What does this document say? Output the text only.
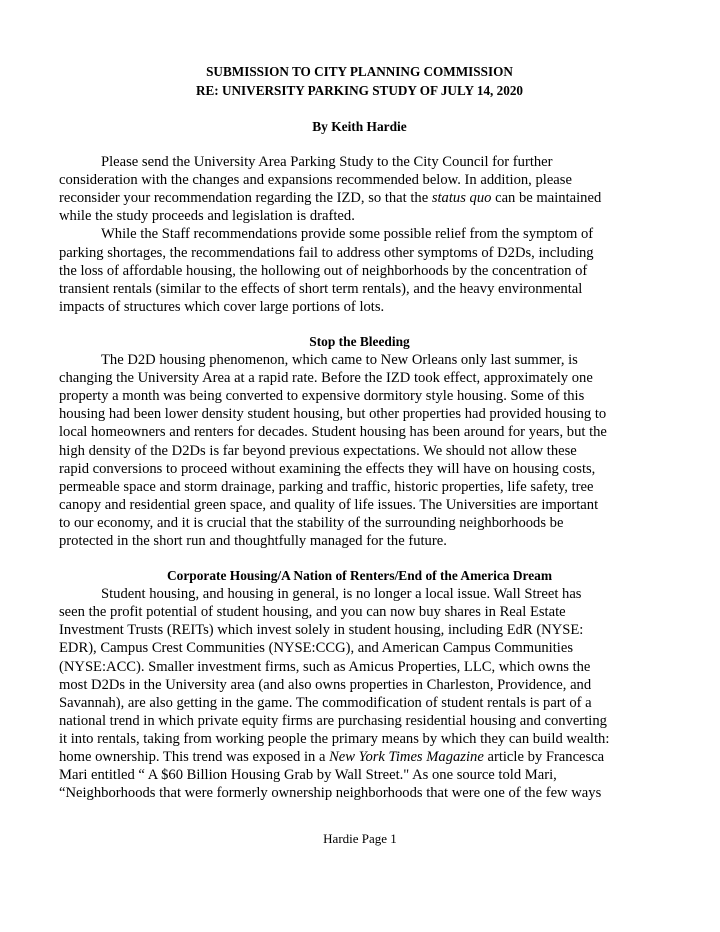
SUBMISSION TO CITY PLANNING COMMISSION
RE: UNIVERSITY PARKING STUDY OF JULY 14, 2020
By Keith Hardie
Please send the University Area Parking Study to the City Council for further
consideration with the changes and expansions recommended below. In addition, please
reconsider your recommendation regarding the IZD, so that the status quo can be maintained
while the study proceeds and legislation is drafted.
While the Staff recommendations provide some possible relief from the symptom of
parking shortages, the recommendations fail to address other symptoms of D2Ds, including
the loss of affordable housing, the hollowing out of neighborhoods by the concentration of
transient rentals (similar to the effects of short term rentals), and the heavy environmental
impacts of structures which cover large portions of lots.
Stop the Bleeding
The D2D housing phenomenon, which came to New Orleans only last summer, is
changing the University Area at a rapid rate. Before the IZD took effect, approximately one
property a month was being converted to expensive dormitory style housing. Some of this
housing had been lower density student housing, but other properties had provided housing to
local homeowners and renters for decades. Student housing has been around for years, but the
high density of the D2Ds is far beyond previous expectations. We should not allow these
rapid conversions to proceed without examining the effects they will have on housing costs,
permeable space and storm drainage, parking and traffic, historic properties, life safety, tree
canopy and residential green space, and quality of life issues. The Universities are important
to our economy, and it is crucial that the stability of the surrounding neighborhoods be
protected in the short run and thoughtfully managed for the future.
Corporate Housing/A Nation of Renters/End of the America Dream
Student housing, and housing in general, is no longer a local issue. Wall Street has
seen the profit potential of student housing, and you can now buy shares in Real Estate
Investment Trusts (REITs) which invest solely in student housing, including EdR (NYSE:
EDR), Campus Crest Communities (NYSE:CCG), and American Campus Communities
(NYSE:ACC). Smaller investment firms, such as Amicus Properties, LLC, which owns the
most D2Ds in the University area (and also owns properties in Charleston, Providence, and
Savannah), are also getting in the game. The commodification of student rentals is part of a
national trend in which private equity firms are purchasing residential housing and converting
it into rentals, taking from working people the primary means by which they can build wealth:
home ownership. This trend was exposed in a New York Times Magazine article by Francesca
Mari entitled “ A $60 Billion Housing Grab by Wall Street." As one source told Mari,
“Neighborhoods that were formerly ownership neighborhoods that were one of the few ways
Hardie Page 1
